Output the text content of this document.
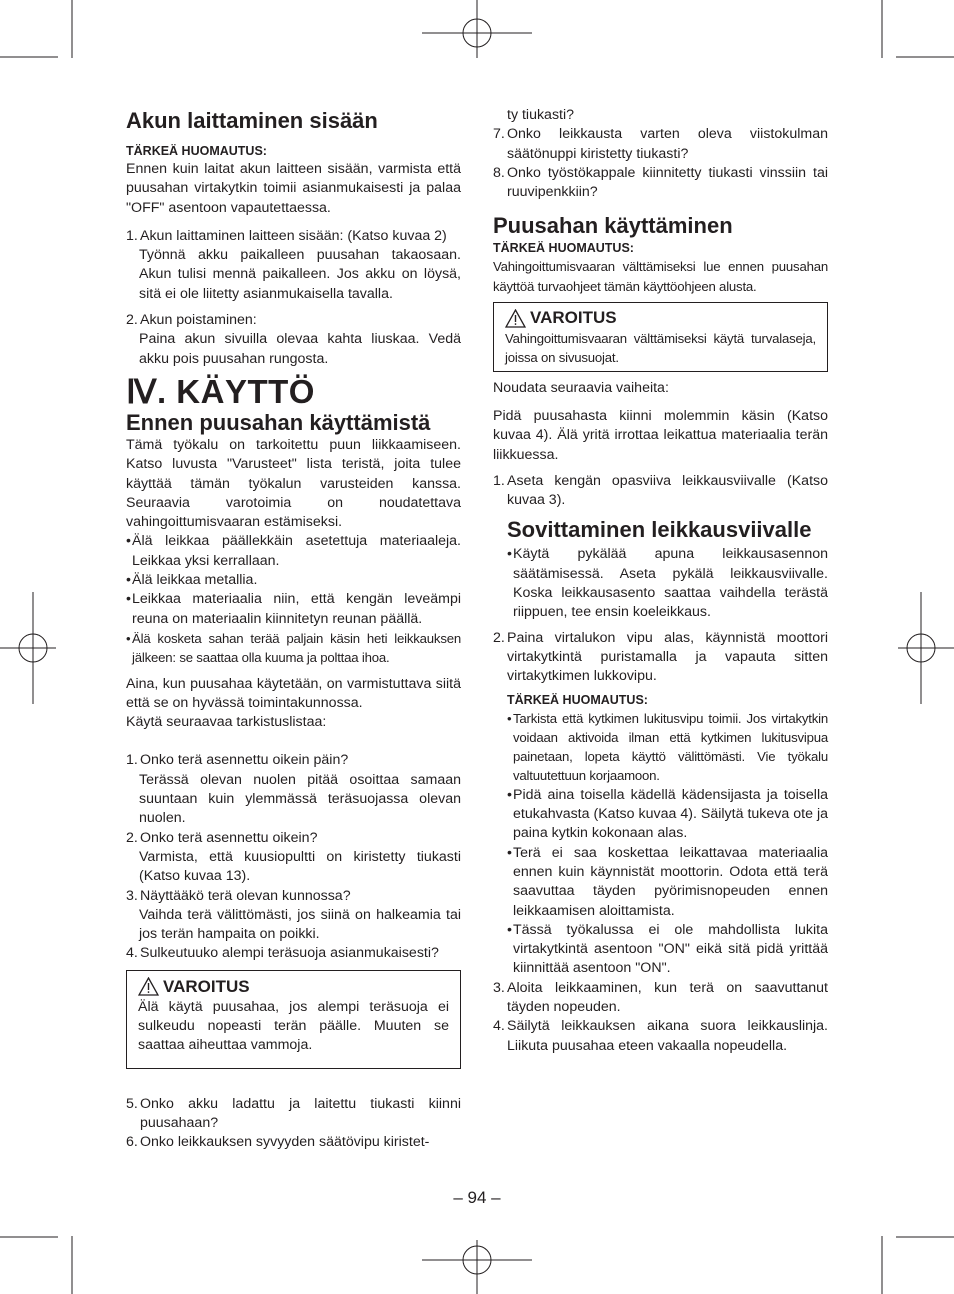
Akun laittaminen sisään
TÄRKEÄ HUOMAUTUS:

Ennen kuin laitat akun laitteen sisään, varmista että puusahan virtakytkin toimii asianmukaisesti ja palaa "OFF" asentoon vapautettaessa.

1. Akun laittaminen laitteen sisään: (Katso kuvaa 2)

Työnnä akku paikalleen puusahan takaosaan. Akun tulisi mennä paikalleen. Jos akku on löysä, sitä ei ole liitetty asianmukaisella tavalla.

2. Akun poistaminen:

Paina akun sivuilla olevaa kahta liuskaa. Vedä akku pois puusahan rungosta.

Ⅳ. KÄYTTÖ
Ennen puusahan käyttämistä

Tämä työkalu on tarkoitettu puun liikkaamiseen. Katso luvusta "Varusteet" lista teristä, joita tulee käyttää tämän työkalun varusteiden kanssa. Seuraavia varotoimia on noudatettava vahingoittumisvaaran estämiseksi.

• Älä leikkaa päällekkäin asetettuja materiaaleja. Leikkaa yksi kerrallaan.
• Älä leikkaa metallia.
• Leikkaa materiaalia niin, että kengän leveämpi reuna on materiaalin kiinnitetyn reunan päällä.
• Älä kosketa sahan terää paljain käsin heti leikkauksen jälkeen: se saattaa olla kuuma ja polttaa ihoa.

Aina, kun puusahaa käytetään, on varmistuttava siitä että se on hyvässä toimintakunnossa.

Käytä seuraavaa tarkistuslistaa:

1. Onko terä asennettu oikein päin?

Terässä olevan nuolen pitää osoittaa samaan suuntaan kuin ylemmässä teräsuojassa olevan nuolen.

2. Onko terä asennettu oikein?

Varmista, että kuusiopultti on kiristetty tiukasti (Katso kuvaa 13).

3. Näyttääkö terä olevan kunnossa?

Vaihda terä välittömästi, jos siinä on halkeamia tai jos terän hampaita on poikki.

4. Sulkeutuuko alempi teräsuoja asianmukaisesti?
VAROITUS

Älä käytä puusahaa, jos alempi teräsuoja ei sulkeudu nopeasti terän päälle. Muuten se saattaa aiheuttaa vammoja.

5. Onko akku ladattu ja laitettu tiukasti kiinni puusahaan?
6. Onko leikkauksen syvyyden säätövipu kiristet-

ty tiukasti?

7. Onko leikkausta varten oleva viistokulman säätönuppi kiristetty tiukasti?
8. Onko työstökappale kiinnitetty tiukasti vinssiin tai ruuvipenkkiin?
Puusahan käyttäminen
TÄRKEÄ HUOMAUTUS:

Vahingoittumisvaaran välttämiseksi lue ennen puusahan käyttöä turvaohjeet tämän käyttöohjeen alusta.

VAROITUS

Vahingoittumisvaaran välttämiseksi käytä turvalaseja, joissa on sivusuojat.

Noudata seuraavia vaiheita:

Pidä puusahasta kiinni molemmin käsin (Katso kuvaa 4). Älä yritä irrottaa leikattua materiaalia terän liikkuessa.

1. Aseta kengän opasviiva leikkausviivalle (Katso kuvaa 3).
Sovittaminen leikkausviivalle
• Käytä pykälää apuna leikkausasennon säätämisessä. Aseta pykälä leikkausviivalle. Koska leikkausasento saattaa vaihdella terästä riippuen, tee ensin koeleikkaus.
2. Paina virtalukon vipu alas, käynnistä moottori virtakytkintä puristamalla ja vapauta sitten virtakytkimen lukkovipu.
TÄRKEÄ HUOMAUTUS:
• Tarkista että kytkimen lukitusvipu toimii. Jos virtakytkin voidaan aktivoida ilman että kytkimen lukitusvipua painetaan, lopeta käyttö välittömästi. Vie työkalu valtuutettuun korjaamoon.
• Pidä aina toisella kädellä kädensijasta ja toisella etukahvasta (Katso kuvaa 4). Säilytä tukeva ote ja paina kytkin kokonaan alas.
• Terä ei saa koskettaa leikattavaa materiaalia ennen kuin käynnistät moottorin. Odota että terä saavuttaa täyden pyörimisnopeuden ennen leikkaamisen aloittamista.
• Tässä työkalussa ei ole mahdollista lukita virtakytkintä asentoon "ON" eikä sitä pidä yrittää kiinnittää asentoon "ON".
3. Aloita leikkaaminen, kun terä on saavuttanut täyden nopeuden.
4. Säilytä leikkauksen aikana suora leikkauslinja. Liikuta puusahaa eteen vakaalla nopeudella.
– 94 –
